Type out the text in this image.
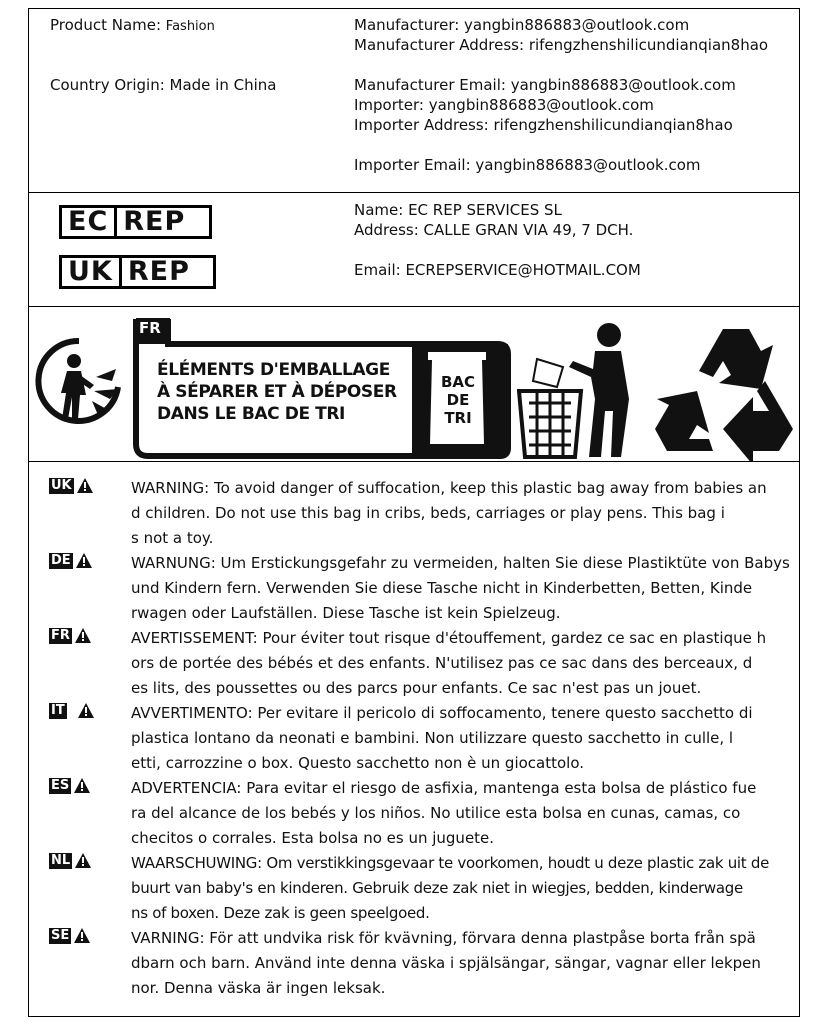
Product Name: Fashion
Country Origin: Made in China
Manufacturer: yangbin886883@outlook.com
Manufacturer Address: rifengzhenshilicundianqian8hao
Manufacturer Email: yangbin886883@outlook.com
Importer: yangbin886883@outlook.com
Importer Address: rifengzhenshilicundianqian8hao
Importer Email: yangbin886883@outlook.com
EC REP
UK REP
Name: EC REP SERVICES SL
Address: CALLE GRAN VIA 49, 7 DCH.
Email: ECREPSERVICE@HOTMAIL.COM
FR
ÉLÉMENTS D'EMBALLAGE
À SÉPARER ET À DÉPOSER
DANS LE BAC DE TRI
BAC
DE
TRI
UK	WARNING: To avoid danger of suffocation, keep this plastic bag away from babies an
d children. Do not use this bag in cribs, beds, carriages or play pens. This bag i
s not a toy.
DE	WARNUNG: Um Erstickungsgefahr zu vermeiden, halten Sie diese Plastiktüte von Babys
und Kindern fern. Verwenden Sie diese Tasche nicht in Kinderbetten, Betten, Kinde
rwagen oder Laufställen. Diese Tasche ist kein Spielzeug.
FR	AVERTISSEMENT: Pour éviter tout risque d'étouffement, gardez ce sac en plastique h
ors de portée des bébés et des enfants. N'utilisez pas ce sac dans des berceaux, d
es lits, des poussettes ou des parcs pour enfants. Ce sac n'est pas un jouet.
IT	AVVERTIMENTO: Per evitare il pericolo di soffocamento, tenere questo sacchetto di
plastica lontano da neonati e bambini. Non utilizzare questo sacchetto in culle, l
etti, carrozzine o box. Questo sacchetto non è un giocattolo.
ES	ADVERTENCIA: Para evitar el riesgo de asfixia, mantenga esta bolsa de plástico fue
ra del alcance de los bebés y los niños. No utilice esta bolsa en cunas, camas, co
checitos o corrales. Esta bolsa no es un juguete.
NL	WAARSCHUWING: Om verstikkingsgevaar te voorkomen, houdt u deze plastic zak uit de
buurt van baby's en kinderen. Gebruik deze zak niet in wiegjes, bedden, kinderwage
ns of boxen. Deze zak is geen speelgoed.
SE	VARNING: För att undvika risk för kvävning, förvara denna plastpåse borta från spä
dbarn och barn. Använd inte denna väska i spjälsängar, sängar, vagnar eller lekpen
nor. Denna väska är ingen leksak.
